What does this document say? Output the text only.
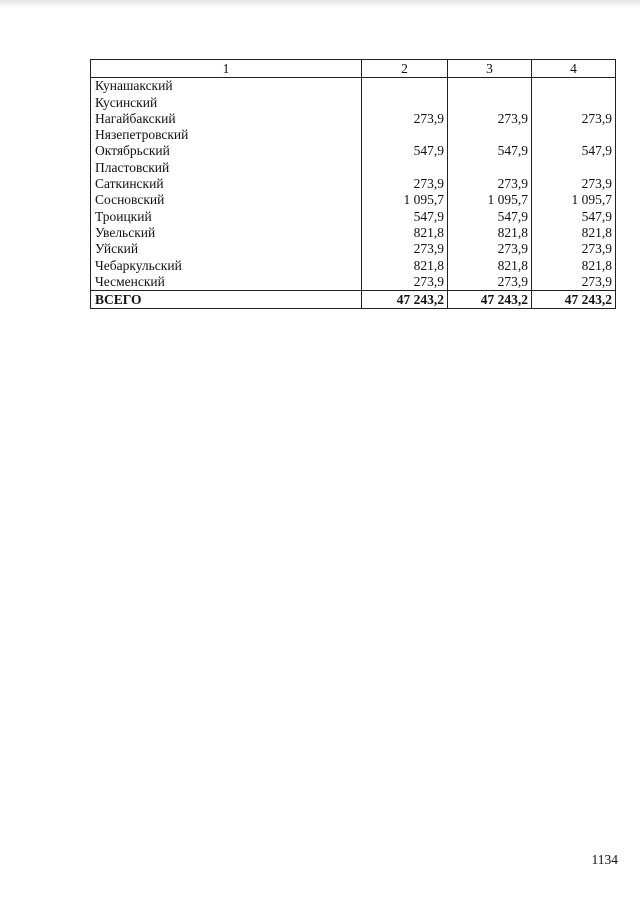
1	2	3	4
Кунашакский			
Кусинский			
Нагайбакский	273,9	273,9	273,9
Нязепетровский			
Октябрьский	547,9	547,9	547,9
Пластовский			
Саткинский	273,9	273,9	273,9
Сосновский	1 095,7	1 095,7	1 095,7
Троицкий	547,9	547,9	547,9
Увельский	821,8	821,8	821,8
Уйский	273,9	273,9	273,9
Чебаркульский	821,8	821,8	821,8
Чесменский	273,9	273,9	273,9
ВСЕГО	47 243,2	47 243,2	47 243,2
1134
